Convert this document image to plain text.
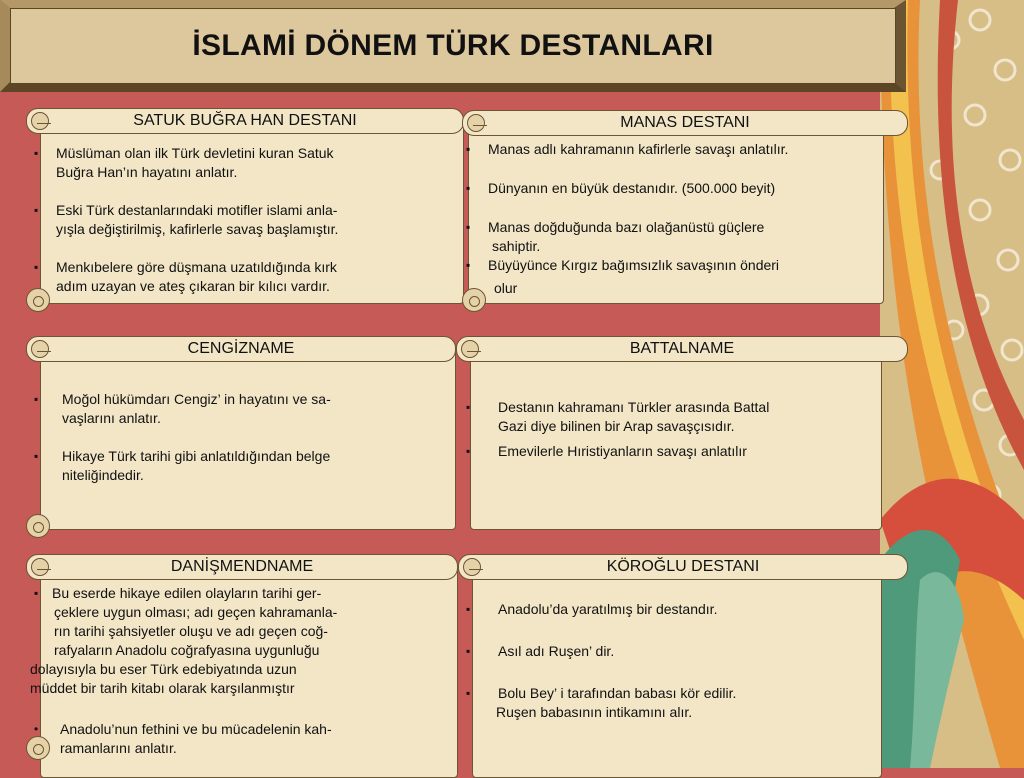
İSLAMİ DÖNEM TÜRK DESTANLARI
SATUK BUĞRA HAN DESTANI
▪ Müslüman olan ilk Türk devletini kuran Satuk
Buğra Han’ın hayatını anlatır.
▪ Eski Türk destanlarındaki motifler islami anla-
yışla değiştirilmiş, kafirlerle savaş başlamıştır.
▪ Menkıbelere göre düşmana uzatıldığında kırk
adım uzayan ve ateş çıkaran bir kılıcı vardır.
MANAS DESTANI
▪ Manas adlı kahramanın kafirlerle savaşı anlatılır.
▪ Dünyanın en büyük destanıdır. (500.000 beyit)
▪ Manas doğduğunda bazı olağanüstü güçlere
sahiptir.
▪ Büyüyünce Kırgız bağımsızlık savaşının önderi
olur
CENGİZNAME
▪ Moğol hükümdarı Cengiz’ in hayatını ve sa-
vaşlarını anlatır.
▪ Hikaye Türk tarihi gibi anlatıldığından belge
niteliğindedir.
BATTALNAME
▪ Destanın kahramanı Türkler arasında Battal
Gazi diye bilinen bir Arap savaşçısıdır.
▪ Emevilerle Hıristiyanların savaşı anlatılır
DANİŞMENDNAME
▪ Bu eserde hikaye edilen olayların tarihi ger-
çeklere uygun olması; adı geçen kahramanla-
rın tarihi şahsiyetler oluşu ve adı geçen coğ-
rafyaların Anadolu coğrafyasına uygunluğu
dolayısıyla bu eser Türk edebiyatında uzun
müddet bir tarih kitabı olarak karşılanmıştır
• Anadolu’nun fethini ve bu mücadelenin kah-
ramanlarını anlatır.
KÖROĞLU DESTANI
▪ Anadolu’da yaratılmış bir destandır.
▪ Asıl adı Ruşen’ dir.
▪ Bolu Bey’ i tarafından babası kör edilir.
Ruşen babasının intikamını alır.
